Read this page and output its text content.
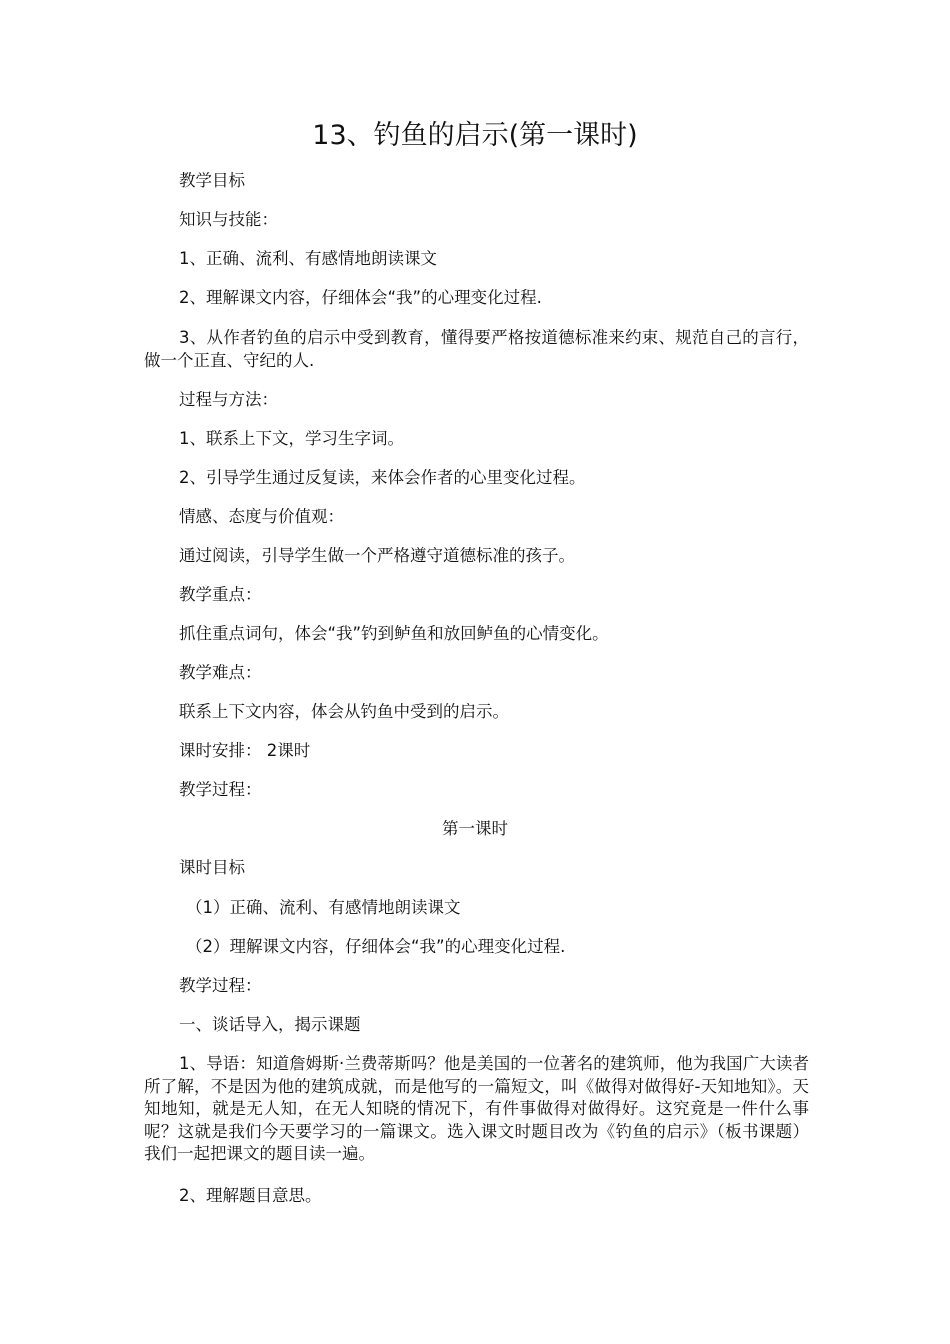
13、钓鱼的启示(第一课时)
教学目标
知识与技能：
1、正确、流利、有感情地朗读课文
2、理解课文内容，仔细体会“我”的心理变化过程.
3、从作者钓鱼的启示中受到教育，懂得要严格按道德标准来约束、规范自己的言行，做一个正直、守纪的人.
过程与方法：
1、联系上下文，学习生字词。
2、引导学生通过反复读，来体会作者的心里变化过程。
情感、态度与价值观：
通过阅读，引导学生做一个严格遵守道德标准的孩子。
教学重点：
抓住重点词句，体会“我”钓到鲈鱼和放回鲈鱼的心情变化。
教学难点：
联系上下文内容，体会从钓鱼中受到的启示。
课时安排： 2课时
教学过程：
第一课时
课时目标
（1）正确、流利、有感情地朗读课文
（2）理解课文内容，仔细体会“我”的心理变化过程.
教学过程：
一、谈话导入，揭示课题
1、导语：知道詹姆斯·兰费蒂斯吗？他是美国的一位著名的建筑师，他为我国广大读者所了解，不是因为他的建筑成就，而是他写的一篇短文，叫《做得对做得好-天知地知》。天知地知，就是无人知，在无人知晓的情况下，有件事做得对做得好。这究竟是一件什么事呢？这就是我们今天要学习的一篇课文。选入课文时题目改为《钓鱼的启示》（板书课题）我们一起把课文的题目读一遍。
2、理解题目意思。
